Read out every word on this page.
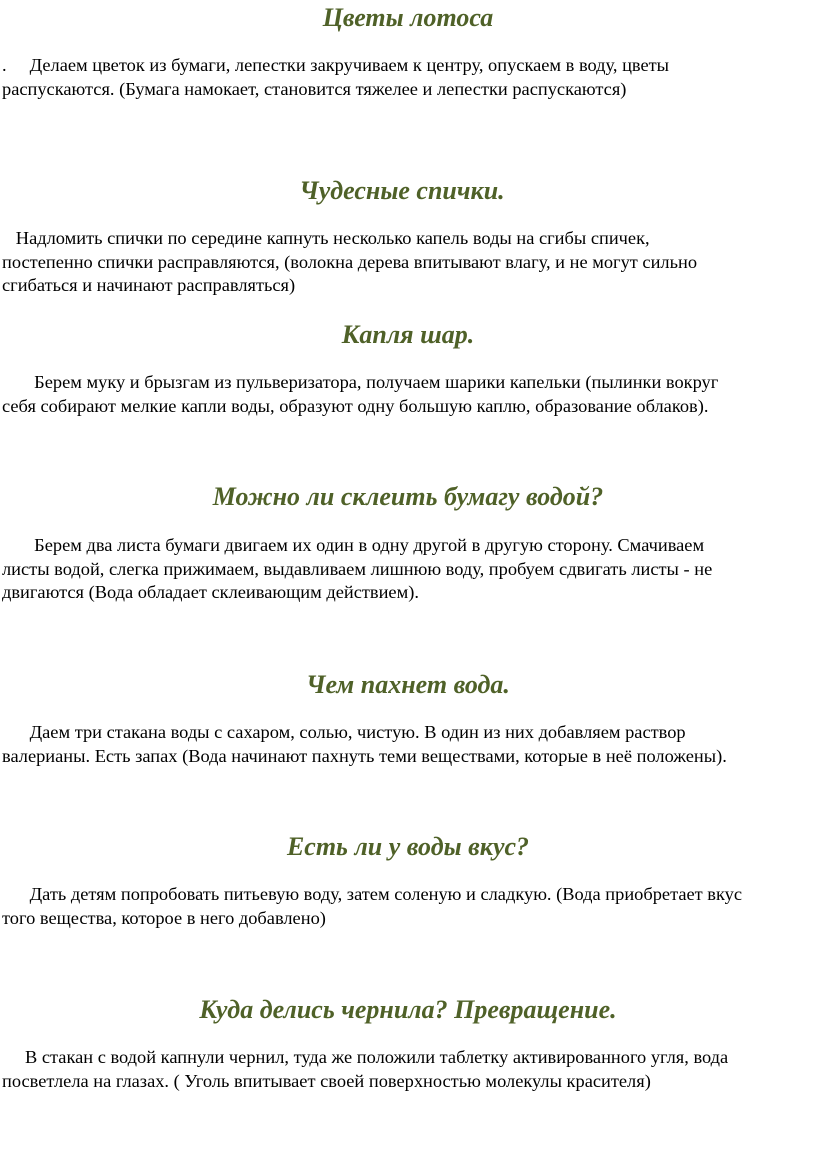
Цветы лотоса
.     Делаем цветок из бумаги, лепестки закручиваем к центру, опускаем в воду, цветы
распускаются. (Бумага намокает, становится тяжелее и лепестки распускаются)
Чудесные спички.
Надломить спички по середине капнуть несколько капель воды на сгибы спичек,
постепенно спички расправляются, (волокна дерева впитывают влагу, и не могут сильно
сгибаться и начинают расправляться)
Капля шар.
Берем муку и брызгам из пульверизатора, получаем шарики капельки (пылинки вокруг
себя собирают мелкие капли воды, образуют одну большую каплю, образование облаков).
Можно ли склеить бумагу водой?
Берем два листа бумаги двигаем их один в одну другой в другую сторону. Смачиваем
листы водой, слегка прижимаем, выдавливаем лишнюю воду, пробуем сдвигать листы - не
двигаются (Вода обладает склеивающим действием).
Чем пахнет вода.
Даем три стакана воды с сахаром, солью, чистую. В один из них добавляем раствор
валерианы. Есть запах (Вода начинают пахнуть теми веществами, которые в неё положены).
Есть ли у воды вкус?
Дать детям попробовать питьевую воду, затем соленую и сладкую. (Вода приобретает вкус
того вещества, которое в него добавлено)
Куда делись чернила? Превращение.
В стакан с водой капнули чернил, туда же положили таблетку активированного угля, вода
посветлела на глазах. ( Уголь впитывает своей поверхностью молекулы красителя)
